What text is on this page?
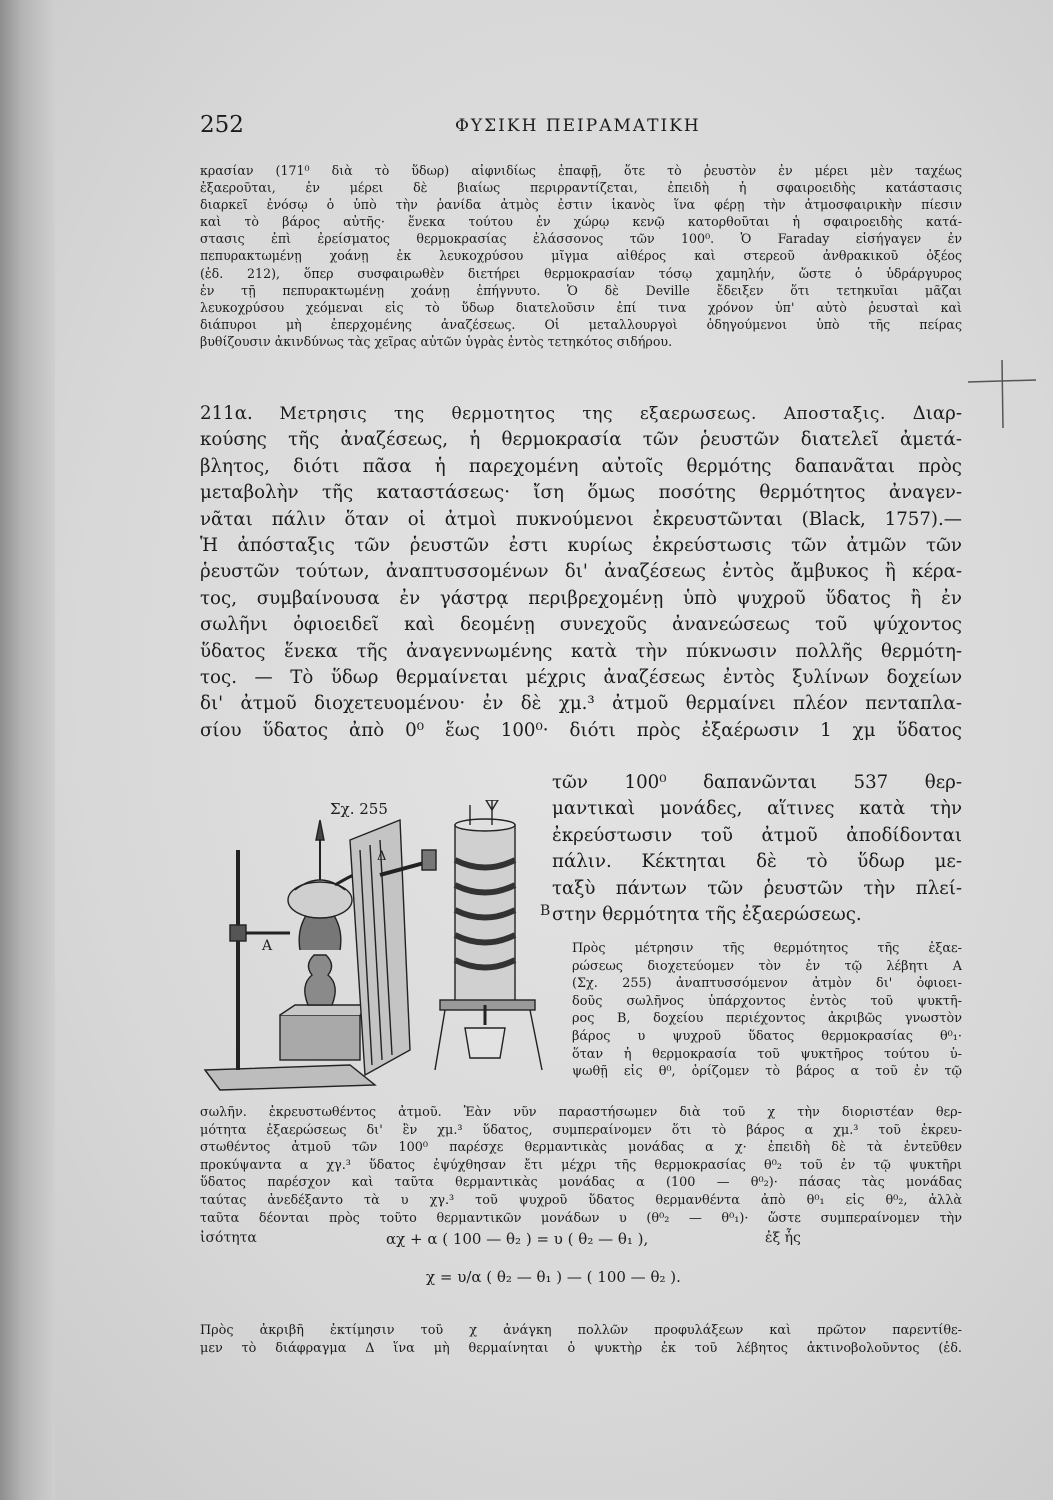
252	ΦΥΣΙΚΗ ΠΕΙΡΑΜΑΤΙΚΗ
κρασίαν (171⁰ διὰ τὸ ὕδωρ) αἰφνιδίως ἐπαφῇ, ὅτε τὸ ῥευστὸν ἐν μέρει μὲν ταχέως
ἐξαεροῦται, ἐν μέρει δὲ βιαίως περιρραντίζεται, ἐπειδὴ ἡ σφαιροειδὴς κατάστασις
διαρκεῖ ἐνόσῳ ὁ ὑπὸ τὴν ῥανίδα ἀτμὸς ἐστιν ἱκανὸς ἵνα φέρῃ τὴν ἀτμοσφαιρικὴν πίεσιν
καὶ τὸ βάρος αὐτῆς· ἕνεκα τούτου ἐν χώρῳ κενῷ κατορθοῦται ἡ σφαιροειδὴς κατά-
στασις ἐπὶ ἐρείσματος θερμοκρασίας ἐλάσσονος τῶν 100⁰. Ὁ Faraday εἰσήγαγεν ἐν
πεπυρακτωμένῃ χοάνῃ ἐκ λευκοχρύσου μῖγμα αἰθέρος καὶ στερεοῦ ἀνθρακικοῦ ὀξέος
(ἐδ. 212), ὅπερ συσφαιρωθὲν διετήρει θερμοκρασίαν τόσῳ χαμηλήν, ὥστε ὁ ὑδράργυρος
ἐν τῇ πεπυρακτωμένῃ χοάνῃ ἐπήγνυτο. Ὁ δὲ Deville ἔδειξεν ὅτι τετηκυῖαι μᾶζαι
λευκοχρύσου χεόμεναι εἰς τὸ ὕδωρ διατελοῦσιν ἐπί τινα χρόνον ὑπ' αὐτὸ ῥευσταὶ καὶ
διάπυροι μὴ ἐπερχομένης ἀναζέσεως. Οἱ μεταλλουργοὶ ὁδηγούμενοι ὑπὸ τῆς πείρας
βυθίζουσιν ἀκινδύνως τὰς χεῖρας αὐτῶν ὑγρὰς ἐντὸς τετηκότος σιδήρου.
211α. Μετρησις της θερμοτητος της εξαερωσεως. Αποσταξις. Διαρ-
κούσης τῆς ἀναζέσεως, ἡ θερμοκρασία τῶν ῥευστῶν διατελεῖ ἀμετά-
βλητος, διότι πᾶσα ἡ παρεχομένη αὐτοῖς θερμότης δαπανᾶται πρὸς
μεταβολὴν τῆς καταστάσεως· ἴση ὅμως ποσότης θερμότητος ἀναγεν-
νᾶται πάλιν ὅταν οἱ ἀτμοὶ πυκνούμενοι ἐκρευστῶνται (Black, 1757).—
Ἡ ἀπόσταξις τῶν ῥευστῶν ἐστι κυρίως ἐκρεύστωσις τῶν ἀτμῶν τῶν
ῥευστῶν τούτων, ἀναπτυσσομένων δι' ἀναζέσεως ἐντὸς ἄμβυκος ἢ κέρα-
τος, συμβαίνουσα ἐν γάστρᾳ περιβρεχομένῃ ὑπὸ ψυχροῦ ὕδατος ἢ ἐν
σωλῆνι ὀφιοειδεῖ καὶ δεομένῃ συνεχοῦς ἀνανεώσεως τοῦ ψύχοντος
ὕδατος ἕνεκα τῆς ἀναγεννωμένης κατὰ τὴν πύκνωσιν πολλῆς θερμότη-
τος. — Τὸ ὕδωρ θερμαίνεται μέχρις ἀναζέσεως ἐντὸς ξυλίνων δοχείων
δι' ἀτμοῦ διοχετευομένου· ἐν δὲ χμ.³ ἀτμοῦ θερμαίνει πλέον πενταπλα-
σίου ὕδατος ἀπὸ 0⁰ ἕως 100⁰· διότι πρὸς ἐξαέρωσιν 1 χμ ὕδατος
τῶν 100⁰ δαπανῶνται 537 θερ-
μαντικαὶ μονάδες, αἵτινες κατὰ τὴν
ἐκρεύστωσιν τοῦ ἀτμοῦ ἀποδίδονται
πάλιν. Κέκτηται δὲ τὸ ὕδωρ με-
ταξὺ πάντων τῶν ῥευστῶν τὴν πλεί-
στην θερμότητα τῆς ἐξαερώσεως.
Σχ. 255
Α
Β
Δ
Πρὸς μέτρησιν τῆς θερμότητος τῆς ἐξαε-
ρώσεως διοχετεύομεν τὸν ἐν τῷ λέβητι Α
(Σχ. 255) ἀναπτυσσόμενον ἀτμὸν δι' ὀφιοει-
δοῦς σωλῆνος ὑπάρχοντος ἐντὸς τοῦ ψυκτῆ-
ρος Β, δοχείου περιέχοντος ἀκριβῶς γνωστὸν
βάρος υ ψυχροῦ ὕδατος θερμοκρασίας θ⁰₁·
ὅταν ἡ θερμοκρασία τοῦ ψυκτῆρος τούτου ὑ-
ψωθῇ εἰς θ⁰, ὁρίζομεν τὸ βάρος α τοῦ ἐν τῷ
σωλῆν. ἐκρευστωθέντος ἀτμοῦ. Ἐὰν νῦν παραστήσωμεν διὰ τοῦ χ τὴν διοριστέαν θερ-
μότητα ἐξαερώσεως δι' ἓν χμ.³ ὕδατος, συμπεραίνομεν ὅτι τὸ βάρος α χμ.³ τοῦ ἐκρευ-
στωθέντος ἀτμοῦ τῶν 100⁰ παρέσχε θερμαντικὰς μονάδας α χ· ἐπειδὴ δὲ τὰ ἐντεῦθεν
προκύψαντα α χγ.³ ὕδατος ἐψύχθησαν ἔτι μέχρι τῆς θερμοκρασίας θ⁰₂ τοῦ ἐν τῷ ψυκτῆρι
ὕδατος παρέσχον καὶ ταῦτα θερμαντικὰς μονάδας α (100 — θ⁰₂)· πάσας τὰς μονάδας
ταύτας ἀνεδέξαντο τὰ υ χγ.³ τοῦ ψυχροῦ ὕδατος θερμανθέντα ἀπὸ θ⁰₁ εἰς θ⁰₂, ἀλλὰ
ταῦτα δέονται πρὸς τοῦτο θερμαντικῶν μονάδων υ (θ⁰₂ — θ⁰₁)· ὥστε συμπεραίνομεν τὴν
ἰσότητα	αχ + α ( 100 — θ₂ ) = υ ( θ₂ — θ₁ ),	ἐξ ἧς
χ = υ/α ( θ₂ — θ₁ ) — ( 100 — θ₂ ).
Πρὸς ἀκριβῆ ἐκτίμησιν τοῦ χ ἀνάγκη πολλῶν προφυλάξεων καὶ πρῶτον παρεντίθε-
μεν τὸ διάφραγμα Δ ἵνα μὴ θερμαίνηται ὁ ψυκτὴρ ἐκ τοῦ λέβητος ἀκτινοβολοῦντος (ἐδ.
